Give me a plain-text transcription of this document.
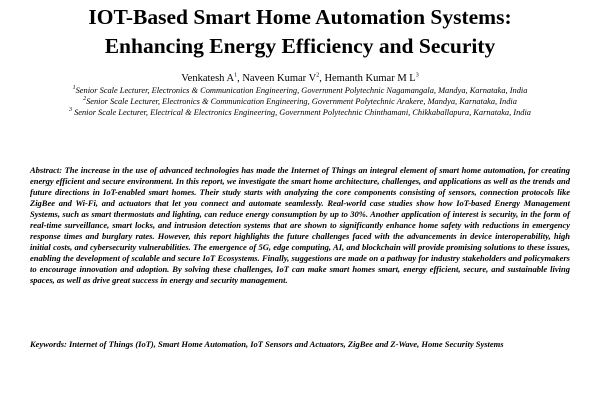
IOT-Based Smart Home Automation Systems:
Enhancing Energy Efficiency and Security
Venkatesh $A^1$, Naveen Kumar $V^2$, Hemanth Kumar M $L^3$
$^1$Senior Scale Lecturer, Electronics & Communication Engineering, Government Polytechnic Nagamangala, Mandya, Karnataka, India
$^2$Senior Scale Lecturer, Electronics & Communication Engineering, Government Polytechnic Arakere, Mandya, Karnataka, India
$^3$ Senior Scale Lecturer, Electrical & Electronics Engineering, Government Polytechnic Chinthamani, Chikkaballapura, Karnataka, India
Abstract: The increase in the use of advanced technologies has made the Internet of Things an integral element of smart home automation, for creating energy efficient and secure environment. In this report, we investigate the smart home architecture, challenges, and applications as well as the trends and future directions in IoT-enabled smart homes. Their study starts with analyzing the core components consisting of sensors, connection protocols like ZigBee and Wi-Fi, and actuators that let you connect and automate seamlessly. Real-world case studies show how IoT-based Energy Management Systems, such as smart thermostats and lighting, can reduce energy consumption by up to 30%. Another application of interest is security, in the form of real-time surveillance, smart locks, and intrusion detection systems that are shown to significantly enhance home safety with reductions in emergency response times and burglary rates. However, this report highlights the future challenges faced with the advancements in device interoperability, high initial costs, and cybersecurity vulnerabilities. The emergence of 5G, edge computing, AI, and blockchain will provide promising solutions to these issues, enabling the development of scalable and secure IoT Ecosystems. Finally, suggestions are made on a pathway for industry stakeholders and policymakers to encourage innovation and adoption. By solving these challenges, IoT can make smart homes smart, energy efficient, secure, and sustainable living spaces, as well as drive great success in energy and security management.
Keywords: Internet of Things (IoT), Smart Home Automation, IoT Sensors and Actuators, ZigBee and Z-Wave, Home Security Systems
